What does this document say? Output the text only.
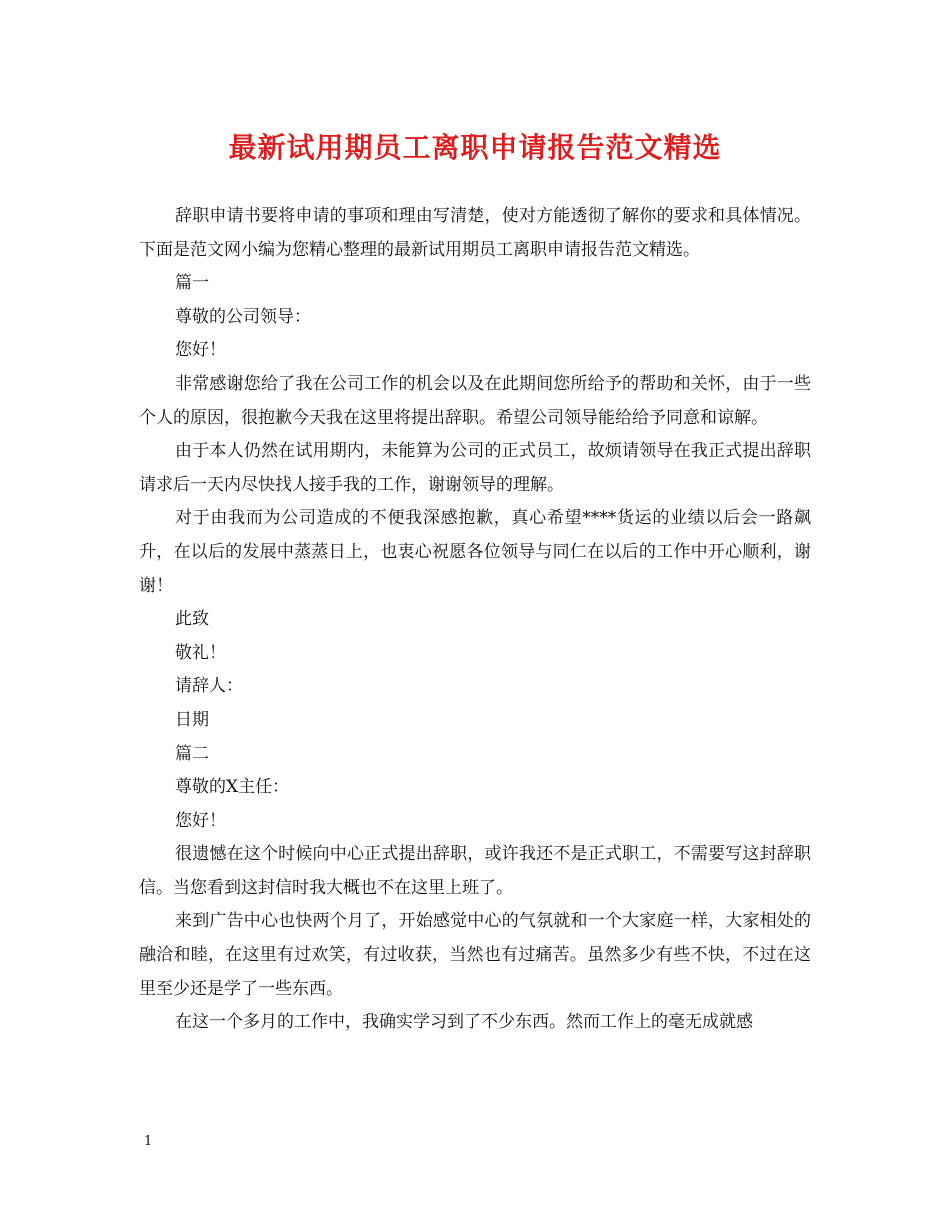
最新试用期员工离职申请报告范文精选

辞职申请书要将申请的事项和理由写清楚，使对方能透彻了解你的要求和具体情况。下面是范文网小编为您精心整理的最新试用期员工离职申请报告范文精选。

篇一

尊敬的公司领导：

您好！

非常感谢您给了我在公司工作的机会以及在此期间您所给予的帮助和关怀，由于一些个人的原因，很抱歉今天我在这里将提出辞职。希望公司领导能给给予同意和谅解。

由于本人仍然在试用期内，未能算为公司的正式员工，故烦请领导在我正式提出辞职请求后一天内尽快找人接手我的工作，谢谢领导的理解。

对于由我而为公司造成的不便我深感抱歉，真心希望****货运的业绩以后会一路飙升，在以后的发展中蒸蒸日上，也衷心祝愿各位领导与同仁在以后的工作中开心顺利，谢谢！

此致

敬礼！

请辞人：

日期

篇二

尊敬的X主任：

您好！

很遗憾在这个时候向中心正式提出辞职，或许我还不是正式职工，不需要写这封辞职信。当您看到这封信时我大概也不在这里上班了。

来到广告中心也快两个月了，开始感觉中心的气氛就和一个大家庭一样，大家相处的融洽和睦，在这里有过欢笑，有过收获，当然也有过痛苦。虽然多少有些不快，不过在这里至少还是学了一些东西。

在这一个多月的工作中，我确实学习到了不少东西。然而工作上的毫无成就感

1
